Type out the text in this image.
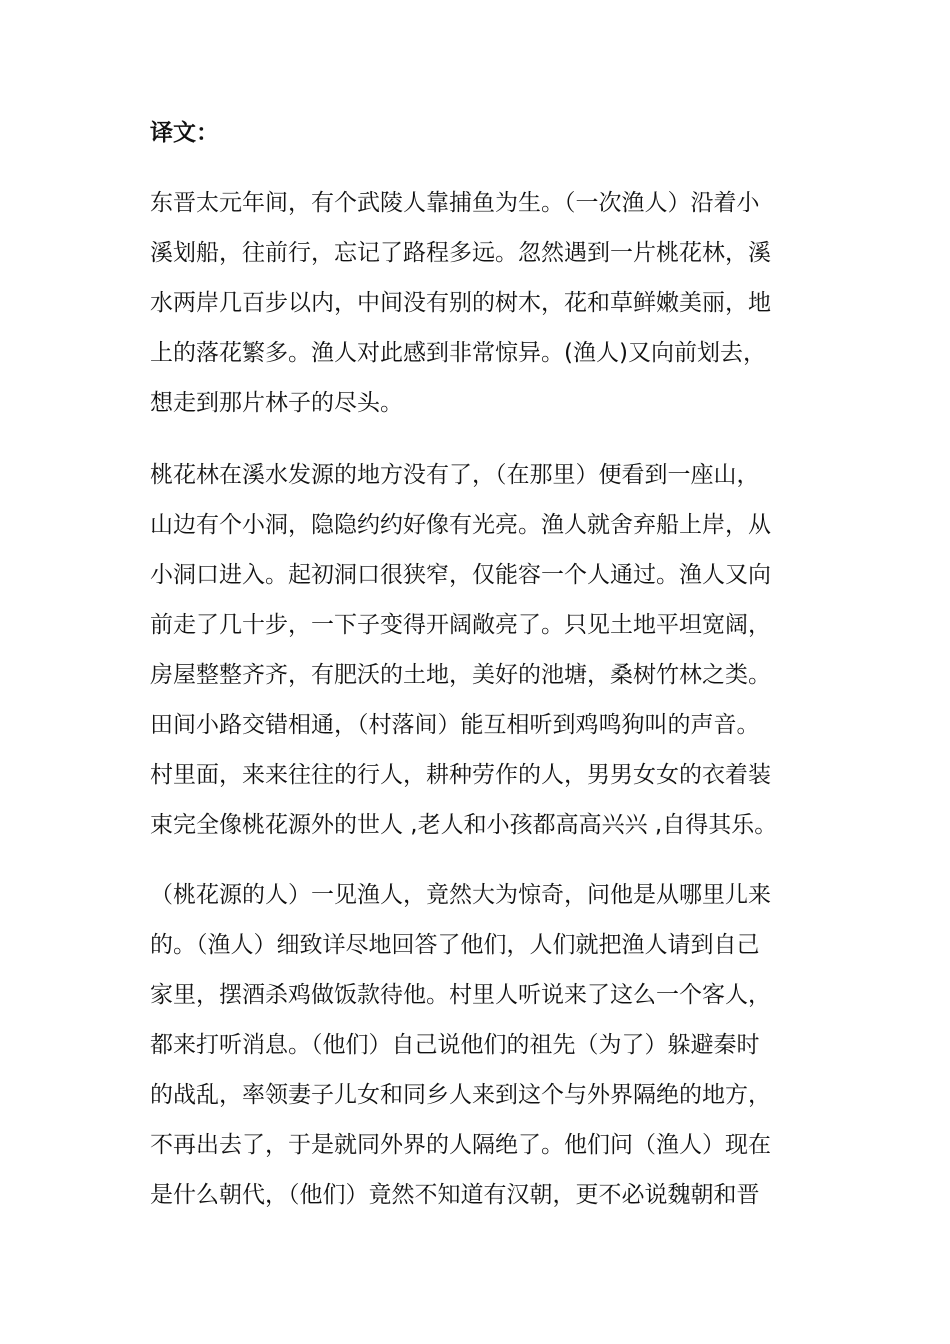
译文：
东晋太元年间，有个武陵人靠捕鱼为生。（一次渔人）沿着小
溪划船，往前行，忘记了路程多远。忽然遇到一片桃花林，溪
水两岸几百步以内，中间没有别的树木，花和草鲜嫩美丽，地
上的落花繁多。渔人对此感到非常惊异。(渔人)又向前划去，
想走到那片林子的尽头。
桃花林在溪水发源的地方没有了，（在那里）便看到一座山，
山边有个小洞，隐隐约约好像有光亮。渔人就舍弃船上岸，从
小洞口进入。起初洞口很狭窄，仅能容一个人通过。渔人又向
前走了几十步，一下子变得开阔敞亮了。只见土地平坦宽阔，
房屋整整齐齐，有肥沃的土地，美好的池塘，桑树竹林之类。
田间小路交错相通，（村落间）能互相听到鸡鸣狗叫的声音。
村里面，来来往往的行人，耕种劳作的人，男男女女的衣着装
束完全像桃花源外的世人 ,老人和小孩都高高兴兴 ,自得其乐。
（桃花源的人）一见渔人，竟然大为惊奇，问他是从哪里儿来
的。（渔人）细致详尽地回答了他们，人们就把渔人请到自己
家里，摆酒杀鸡做饭款待他。村里人听说来了这么一个客人，
都来打听消息。（他们）自己说他们的祖先（为了）躲避秦时
的战乱，率领妻子儿女和同乡人来到这个与外界隔绝的地方，
不再出去了，于是就同外界的人隔绝了。他们问（渔人）现在
是什么朝代，（他们）竟然不知道有汉朝，更不必说魏朝和晋
